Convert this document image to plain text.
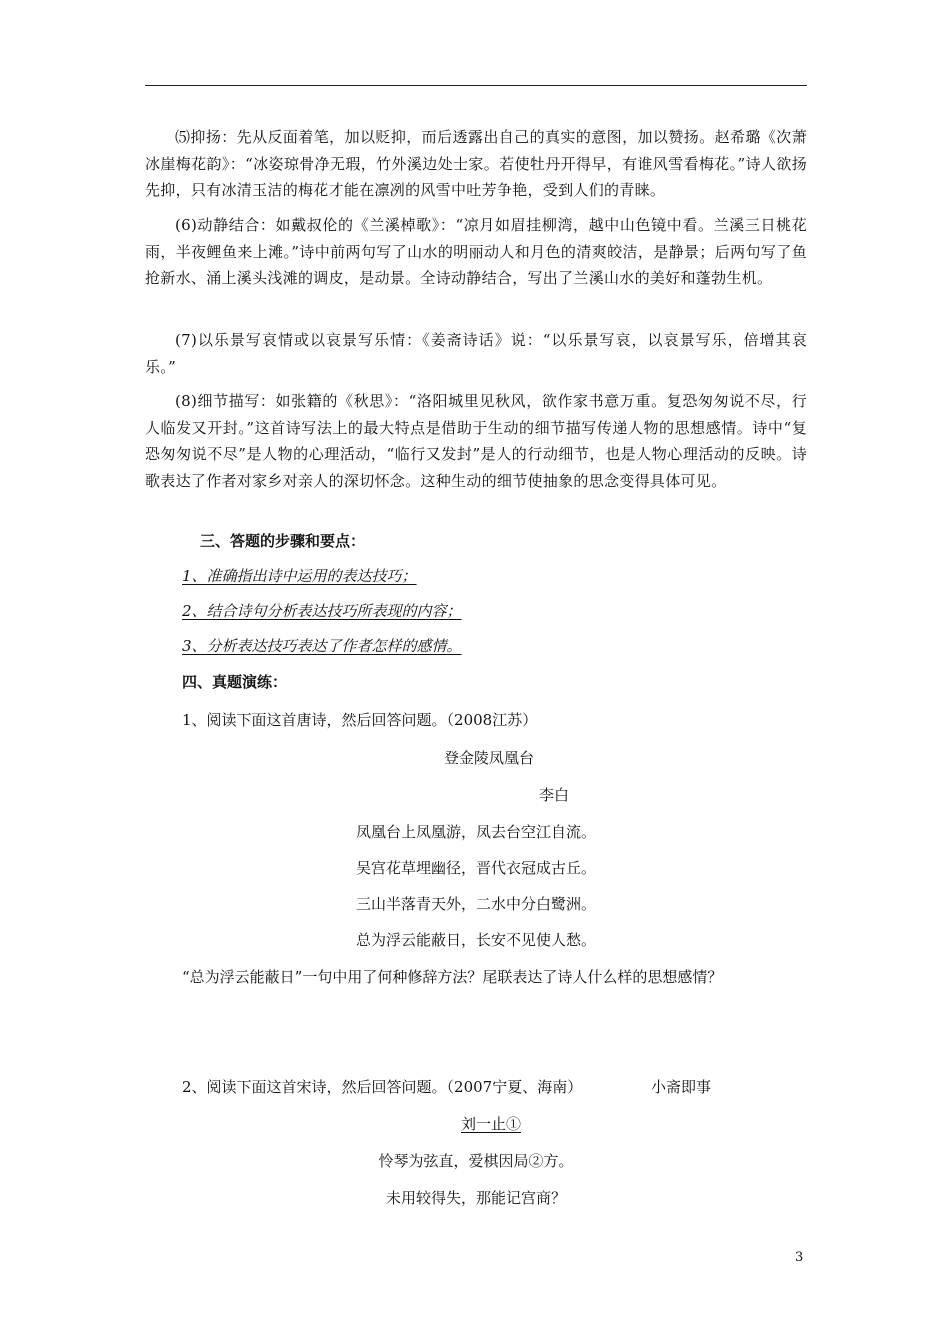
⑸抑扬：先从反面着笔，加以贬抑，而后透露出自己的真实的意图，加以赞扬。赵希璐《次萧冰崖梅花韵》：“冰姿琼骨净无瑕，竹外溪边处士家。若使牡丹开得早，有谁风雪看梅花。”诗人欲扬先抑，只有冰清玉洁的梅花才能在凛冽的风雪中吐芳争艳，受到人们的青睐。

(6)动静结合：如戴叔伦的《兰溪棹歌》：“凉月如眉挂柳湾，越中山色镜中看。兰溪三日桃花雨，半夜鲤鱼来上滩。”诗中前两句写了山水的明丽动人和月色的清爽皎洁，是静景；后两句写了鱼抢新水、涌上溪头浅滩的调皮，是动景。全诗动静结合，写出了兰溪山水的美好和蓬勃生机。

(7)以乐景写哀情或以哀景写乐情：《姜斋诗话》说：“以乐景写哀，以哀景写乐，倍增其哀乐。”

(8)细节描写：如张籍的《秋思》：“洛阳城里见秋风，欲作家书意万重。复恐匆匆说不尽，行人临发又开封。”这首诗写法上的最大特点是借助于生动的细节描写传递人物的思想感情。诗中“复恐匆匆说不尽”是人物的心理活动，“临行又发封”是人的行动细节，也是人物心理活动的反映。诗歌表达了作者对家乡对亲人的深切怀念。这种生动的细节使抽象的思念变得具体可见。

三、答题的步骤和要点：

1、准确指出诗中运用的表达技巧；

2、结合诗句分析表达技巧所表现的内容；

3、分析表达技巧表达了作者怎样的感情。

四、真题演练：

1、阅读下面这首唐诗，然后回答问题。（2008江苏）

登金陵凤凰台

李白

凤凰台上凤凰游，凤去台空江自流。

吴宫花草埋幽径，晋代衣冠成古丘。

三山半落青天外，二水中分白鹭洲。

总为浮云能蔽日，长安不见使人愁。

“总为浮云能蔽日”一句中用了何种修辞方法？尾联表达了诗人什么样的思想感情？

2、阅读下面这首宋诗，然后回答问题。（2007宁夏、海南）	小斋即事

刘一止①

怜琴为弦直，爱棋因局②方。

未用较得失，那能记宫商？

3
